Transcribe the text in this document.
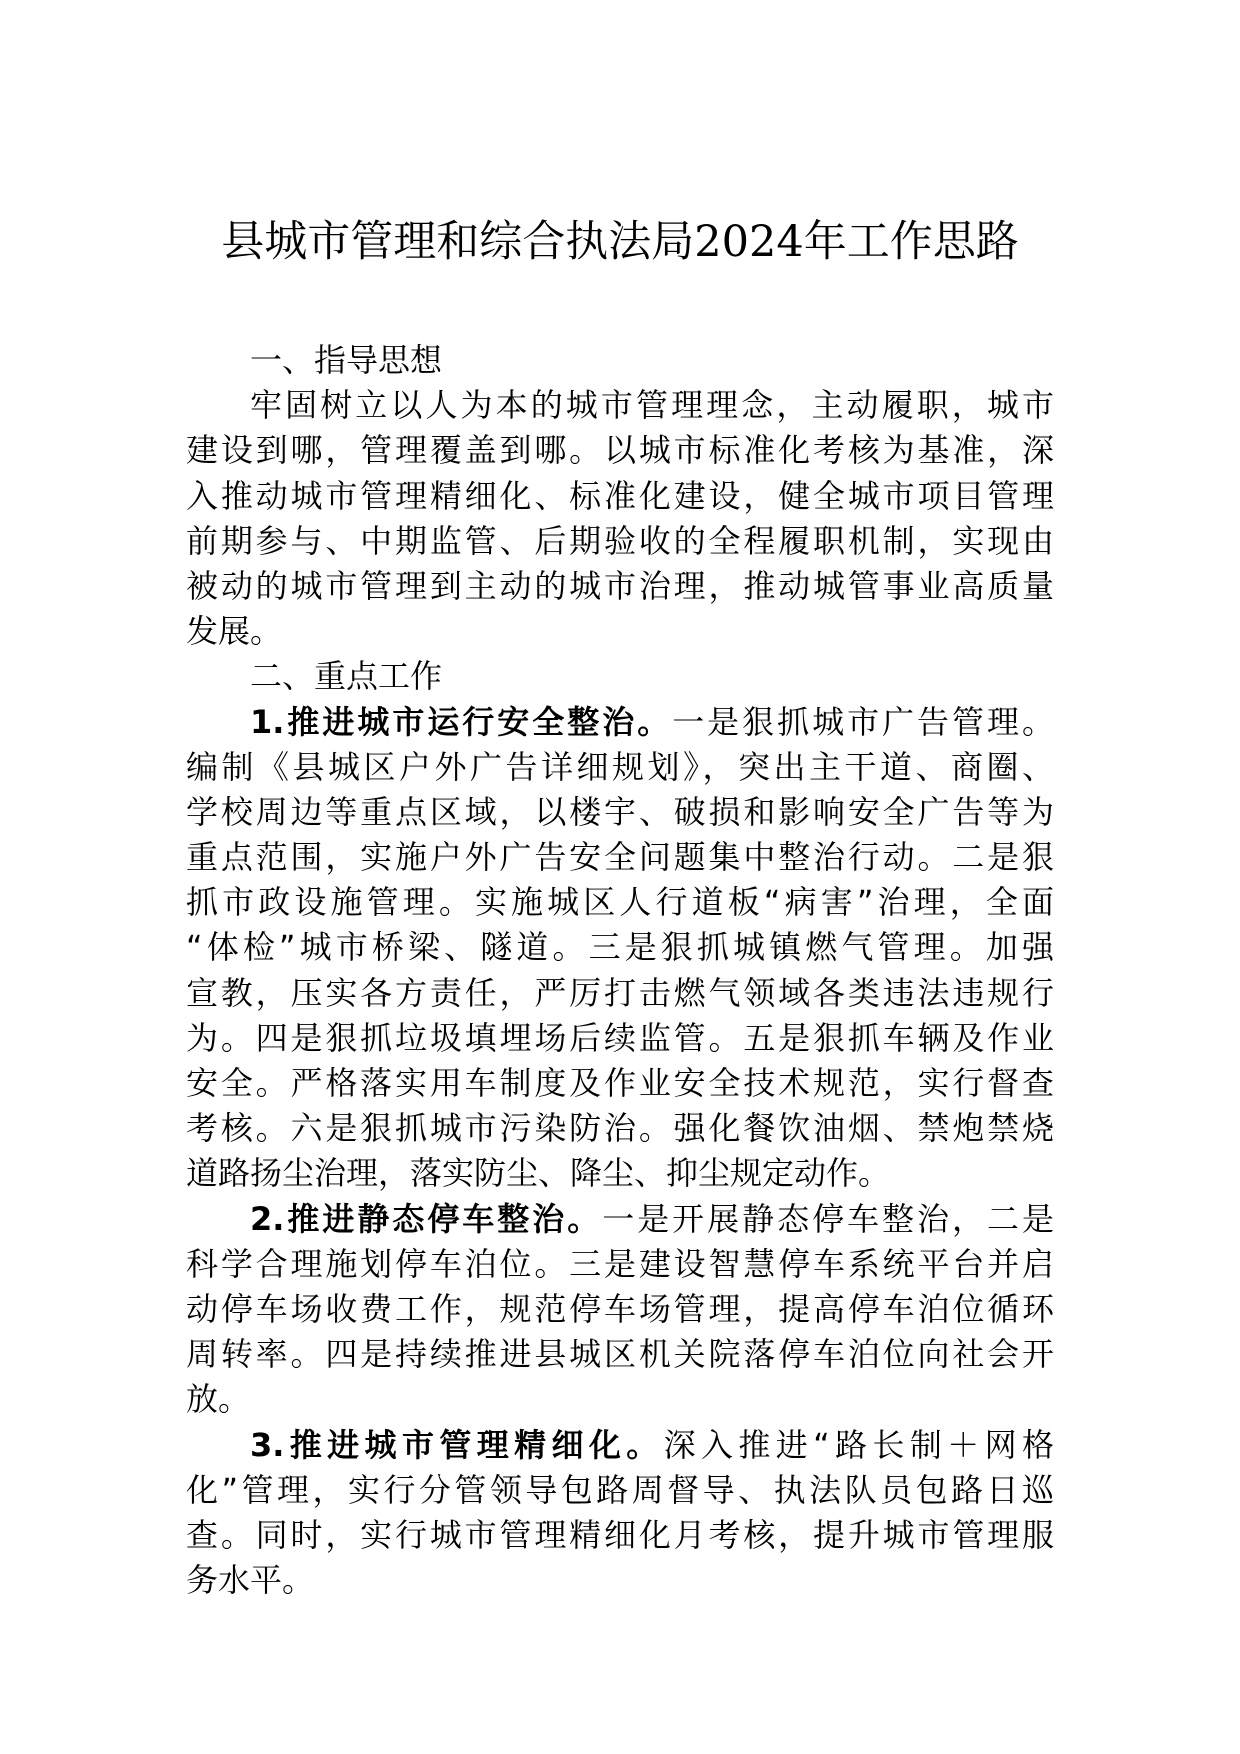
县城市管理和综合执法局2024年工作思路
一、指导思想
牢固树立以人为本的城市管理理念，主动履职，城市
建设到哪，管理覆盖到哪。以城市标准化考核为基准，深
入推动城市管理精细化、标准化建设，健全城市项目管理
前期参与、中期监管、后期验收的全程履职机制，实现由
被动的城市管理到主动的城市治理，推动城管事业高质量
发展。
二、重点工作
1.推进城市运行安全整治。一是狠抓城市广告管理。
编制《县城区户外广告详细规划》，突出主干道、商圈、
学校周边等重点区域，以楼宇、破损和影响安全广告等为
重点范围，实施户外广告安全问题集中整治行动。二是狠
抓市政设施管理。实施城区人行道板“病害”治理，全面
“体检”城市桥梁、隧道。三是狠抓城镇燃气管理。加强
宣教，压实各方责任，严厉打击燃气领域各类违法违规行
为。四是狠抓垃圾填埋场后续监管。五是狠抓车辆及作业
安全。严格落实用车制度及作业安全技术规范，实行督查
考核。六是狠抓城市污染防治。强化餐饮油烟、禁炮禁烧
道路扬尘治理，落实防尘、降尘、抑尘规定动作。
2.推进静态停车整治。一是开展静态停车整治，二是
科学合理施划停车泊位。三是建设智慧停车系统平台并启
动停车场收费工作，规范停车场管理，提高停车泊位循环
周转率。四是持续推进县城区机关院落停车泊位向社会开
放。
3.推进城市管理精细化。深入推进“路长制＋网格
化”管理，实行分管领导包路周督导、执法队员包路日巡
查。同时，实行城市管理精细化月考核，提升城市管理服
务水平。
